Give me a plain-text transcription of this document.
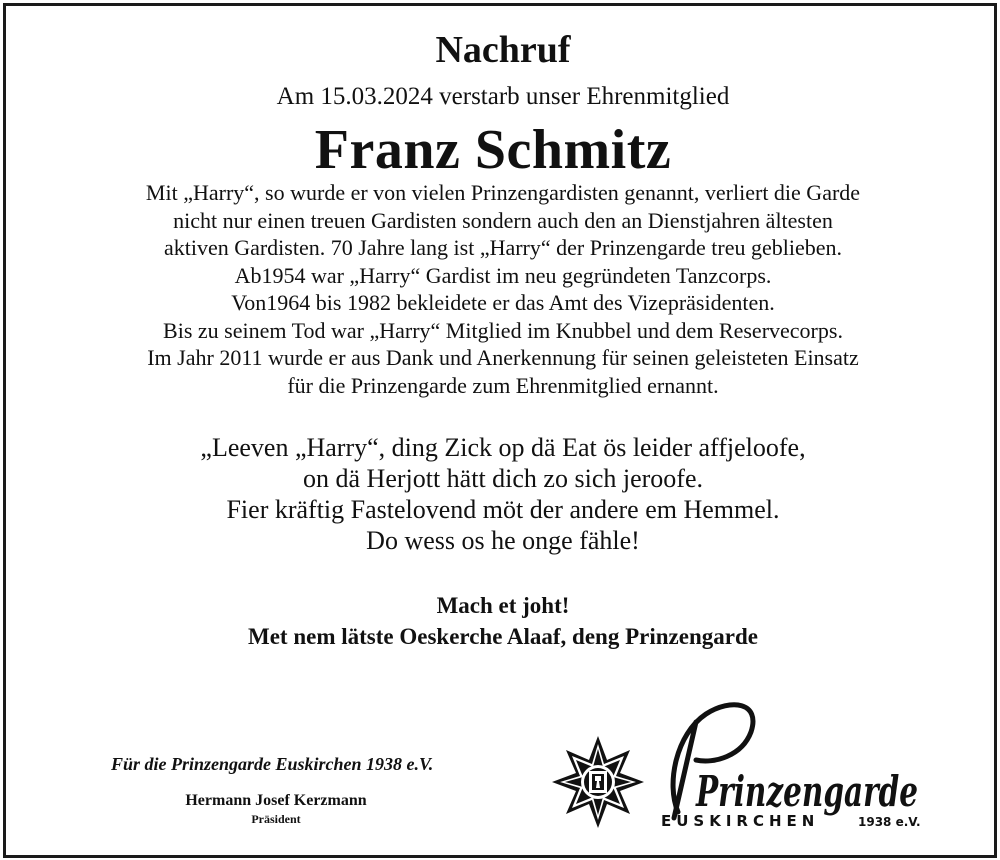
Nachruf
Am 15.03.2024 verstarb unser Ehrenmitglied
Franz Schmitz
Mit „Harry“, so wurde er von vielen Prinzengardisten genannt, verliert die Garde
nicht nur einen treuen Gardisten sondern auch den an Dienstjahren ältesten
aktiven Gardisten. 70 Jahre lang ist „Harry“ der Prinzengarde treu geblieben.
Ab1954 war „Harry“ Gardist im neu gegründeten Tanzcorps.
Von1964 bis 1982 bekleidete er das Amt des Vizepräsidenten.
Bis zu seinem Tod war „Harry“ Mitglied im Knubbel und dem Reservecorps.
Im Jahr 2011 wurde er aus Dank und Anerkennung für seinen geleisteten Einsatz
für die Prinzengarde zum Ehrenmitglied ernannt.
„Leeven „Harry“, ding Zick op dä Eat ös leider affjeloofe,
on dä Herjott hätt dich zo sich jeroofe.
Fier kräftig Fastelovend möt der andere em Hemmel.
Do wess os he onge fähle!
Mach et joht!
Met nem lätste Oeskerche Alaaf, deng Prinzengarde
Für die Prinzengarde Euskirchen 1938 e.V.
Hermann Josef Kerzmann
Präsident
Prinzengarde
EUSKIRCHEN	1938 e.V.
